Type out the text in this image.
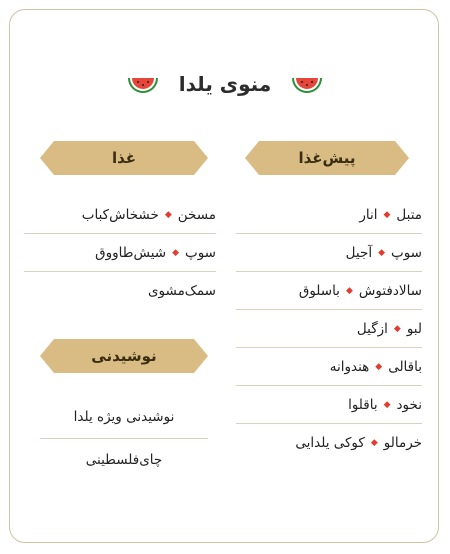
منوی یلدا
پیش‌غذا
غذا
متبل
◆
انار
سوپ
◆
آجیل
سالادفتوش
◆
باسلوق
لبو
◆
ازگیل
باقالی
◆
هندوانه
نخود
◆
باقلوا
خرمالو
◆
کوکی یلدایی
مسخن
◆
خشخاش‌کباب
سوپ
◆
شیش‌طاووق
سمک‌مشوی
نوشیدنی
نوشیدنی ویژه یلدا
چای‌فلسطینی
